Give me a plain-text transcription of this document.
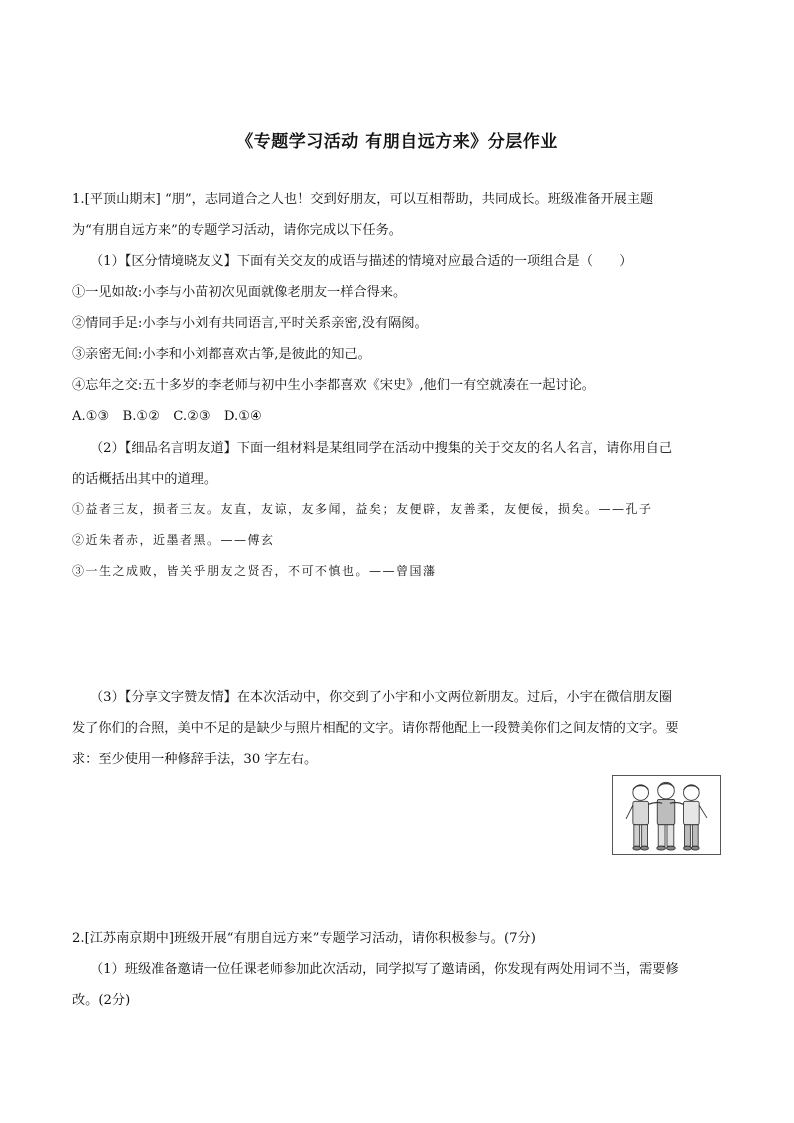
《专题学习活动 有朋自远方来》分层作业

1.[平顶山期末] “朋”，志同道合之人也！交到好朋友，可以互相帮助，共同成长。班级准备开展主题

为“有朋自远方来”的专题学习活动，请你完成以下任务。

（1）【区分情境晓友义】下面有关交友的成语与描述的情境对应最合适的一项组合是（　　）

①一见如故:小李与小苗初次见面就像老朋友一样合得来。

②情同手足:小李与小刘有共同语言,平时关系亲密,没有隔阂。

③亲密无间:小李和小刘都喜欢古筝,是彼此的知己。

④忘年之交:五十多岁的李老师与初中生小李都喜欢《宋史》,他们一有空就凑在一起讨论。

A.①③　B.①②　C.②③　D.①④

（2）【细品名言明友道】下面一组材料是某组同学在活动中搜集的关于交友的名人名言，请你用自己

的话概括出其中的道理。

①益者三友，损者三友。友直，友谅，友多闻，益矣；友便辟，友善柔，友便佞，损矣。——孔子

②近朱者赤，近墨者黑。——傅玄

③一生之成败，皆关乎朋友之贤否，不可不慎也。——曾国藩

（3）【分享文字赞友情】在本次活动中，你交到了小宇和小文两位新朋友。过后，小宇在微信朋友圈

发了你们的合照，美中不足的是缺少与照片相配的文字。请你帮他配上一段赞美你们之间友情的文字。要

求：至少使用一种修辞手法，30 字左右。

2.[江苏南京期中]班级开展“有朋自远方来”专题学习活动，请你积极参与。(7分)

（1）班级准备邀请一位任课老师参加此次活动，同学拟写了邀请函，你发现有两处用词不当，需要修

改。(2分)
